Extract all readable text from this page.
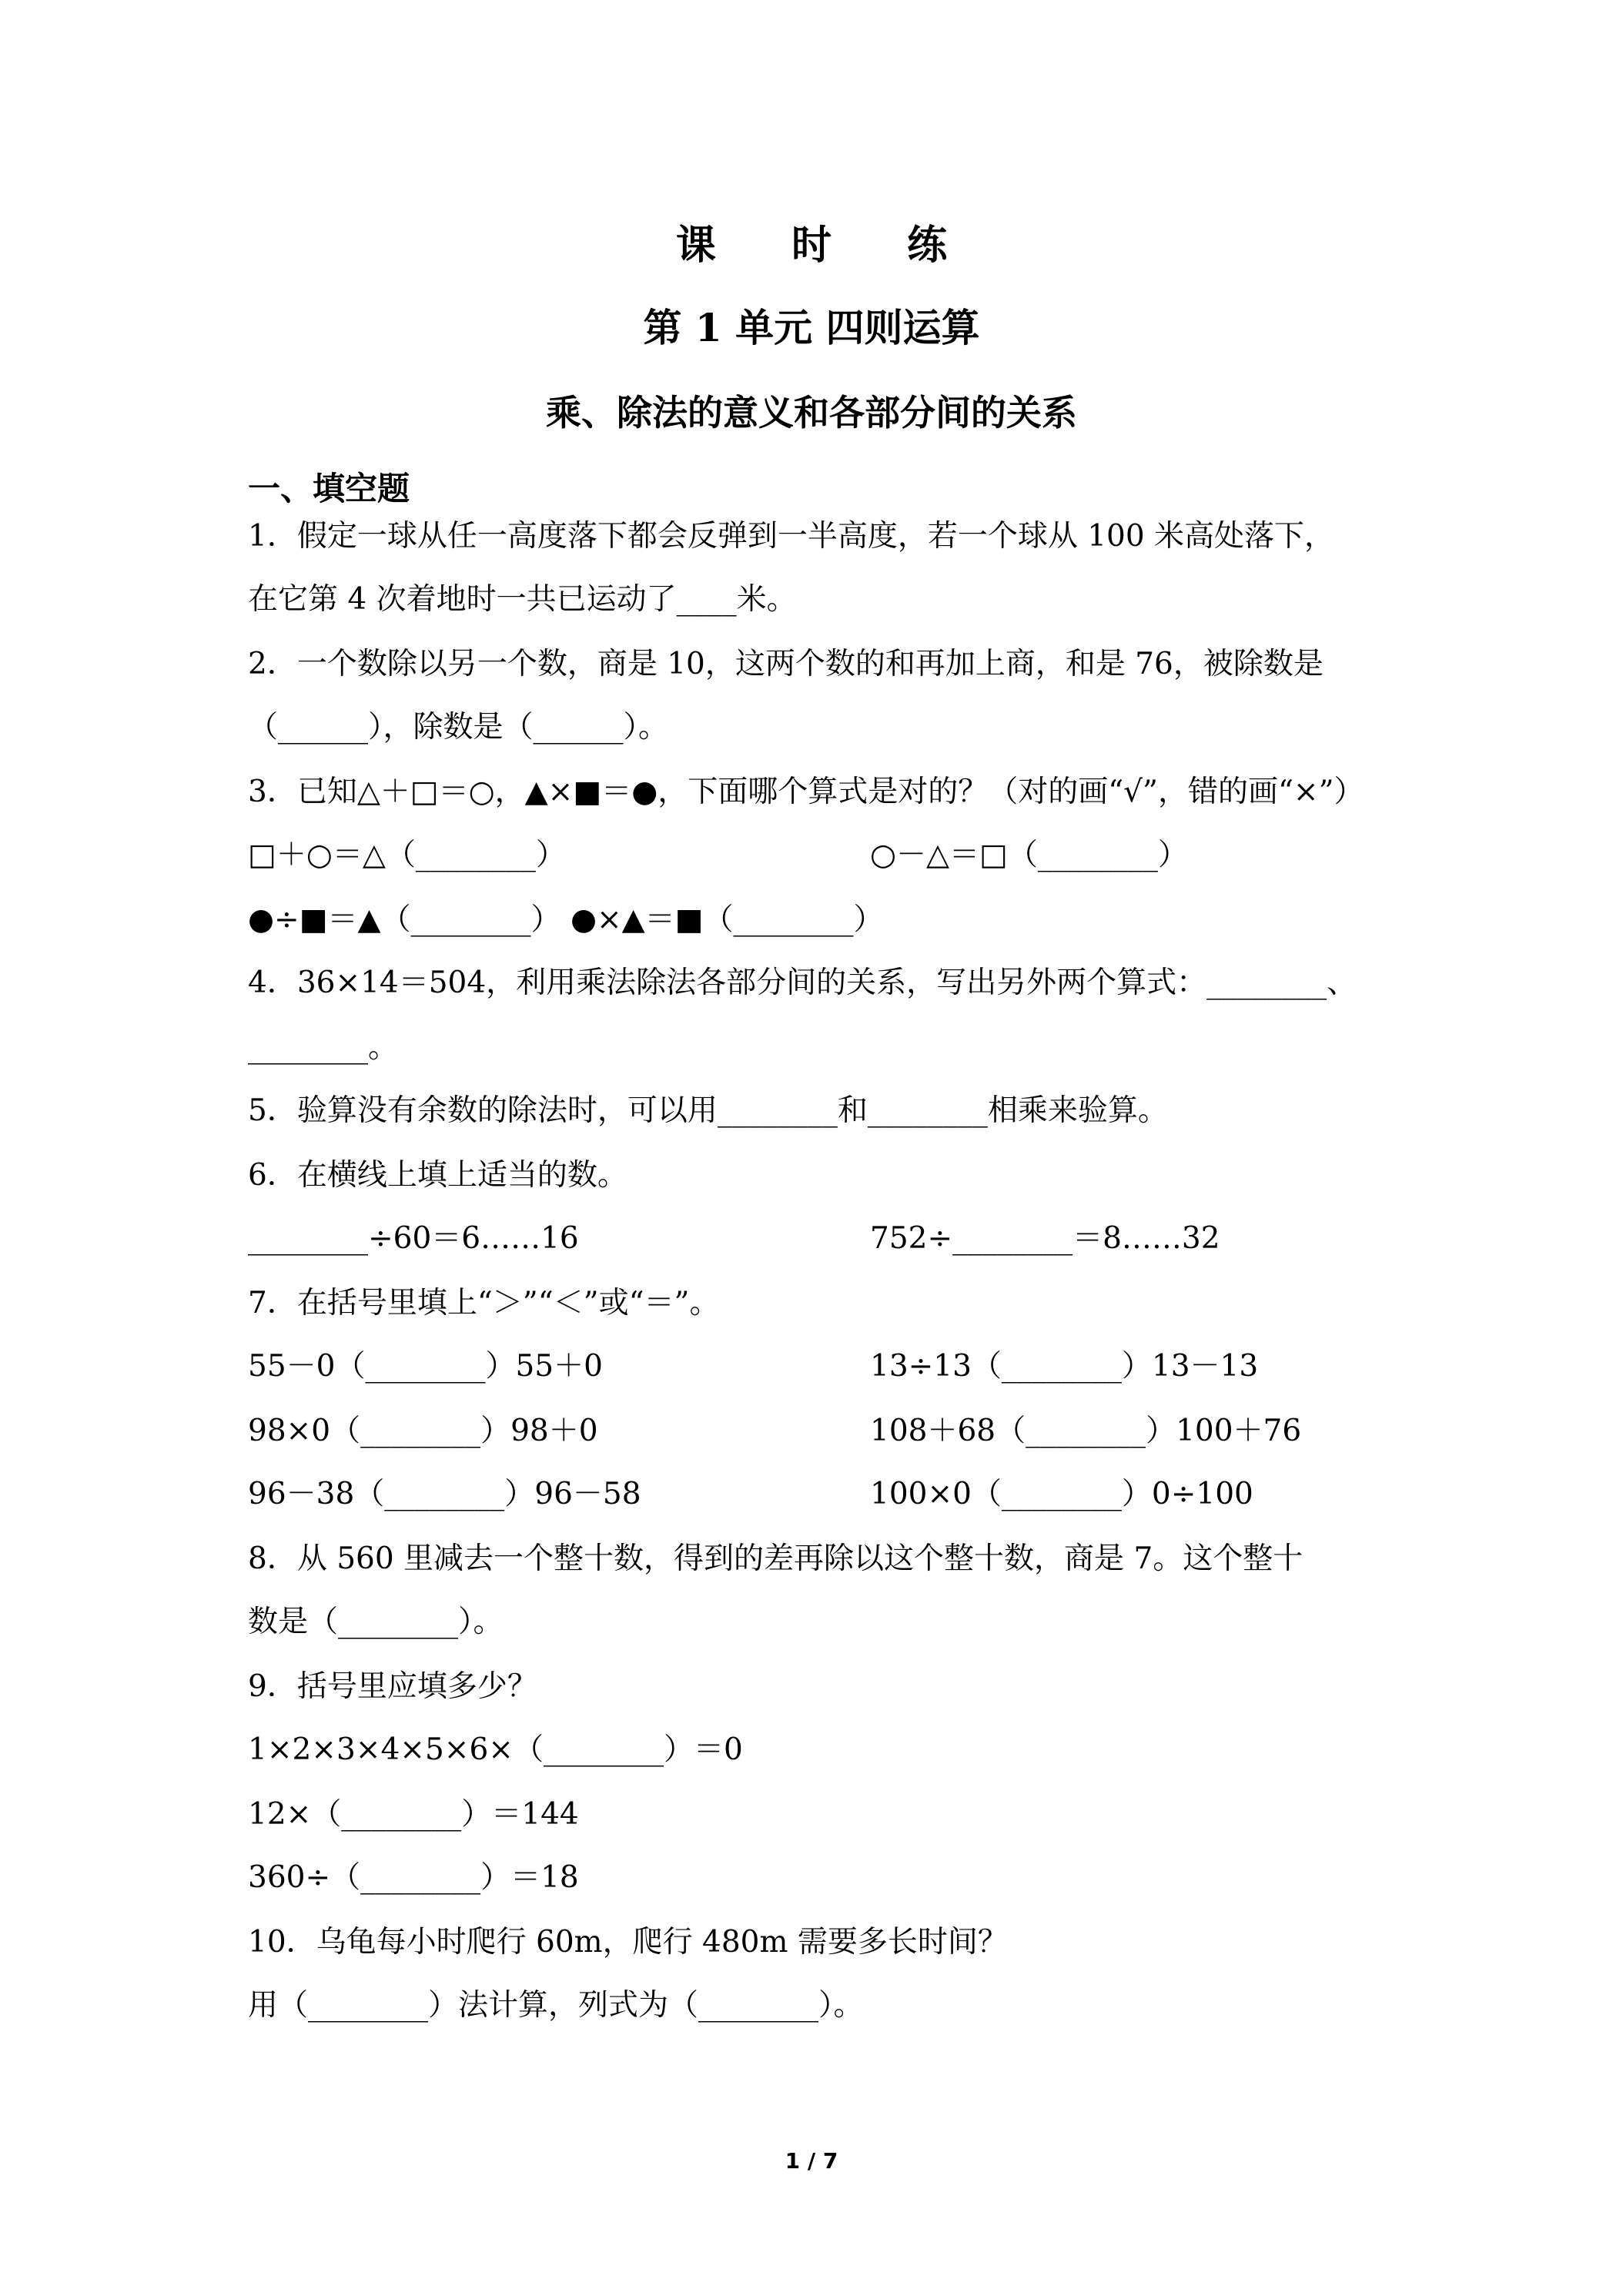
课 时 练
第 1 单元 四则运算
乘、除法的意义和各部分间的关系
一、填空题
1．假定一球从任一高度落下都会反弹到一半高度，若一个球从 100 米高处落下，
在它第 4 次着地时一共已运动了____米。
2．一个数除以另一个数，商是 10，这两个数的和再加上商，和是 76，被除数是
（______），除数是（______）。
3．已知△＋□＝○，▲×■＝●，下面哪个算式是对的？（对的画“√”，错的画“×”）
□＋○＝△（________）	○－△＝□（________）
●÷■＝▲（________） ●×▲＝■（________）
4．36×14＝504，利用乘法除法各部分间的关系，写出另外两个算式：________、
________。
5．验算没有余数的除法时，可以用________和________相乘来验算。
6．在横线上填上适当的数。
________÷60＝6……16	752÷________＝8……32
7．在括号里填上“＞”“＜”或“＝”。
55－0（________）55＋0	13÷13（________）13－13
98×0（________）98＋0	108＋68（________）100＋76
96－38（________）96－58	100×0（________）0÷100
8．从 560 里减去一个整十数，得到的差再除以这个整十数，商是 7。这个整十
数是（________）。
9．括号里应填多少？
1×2×3×4×5×6×（________）＝0
12×（________）＝144
360÷（________）＝18
10．乌龟每小时爬行 60m，爬行 480m 需要多长时间？
用（________）法计算，列式为（________）。
1 / 7
